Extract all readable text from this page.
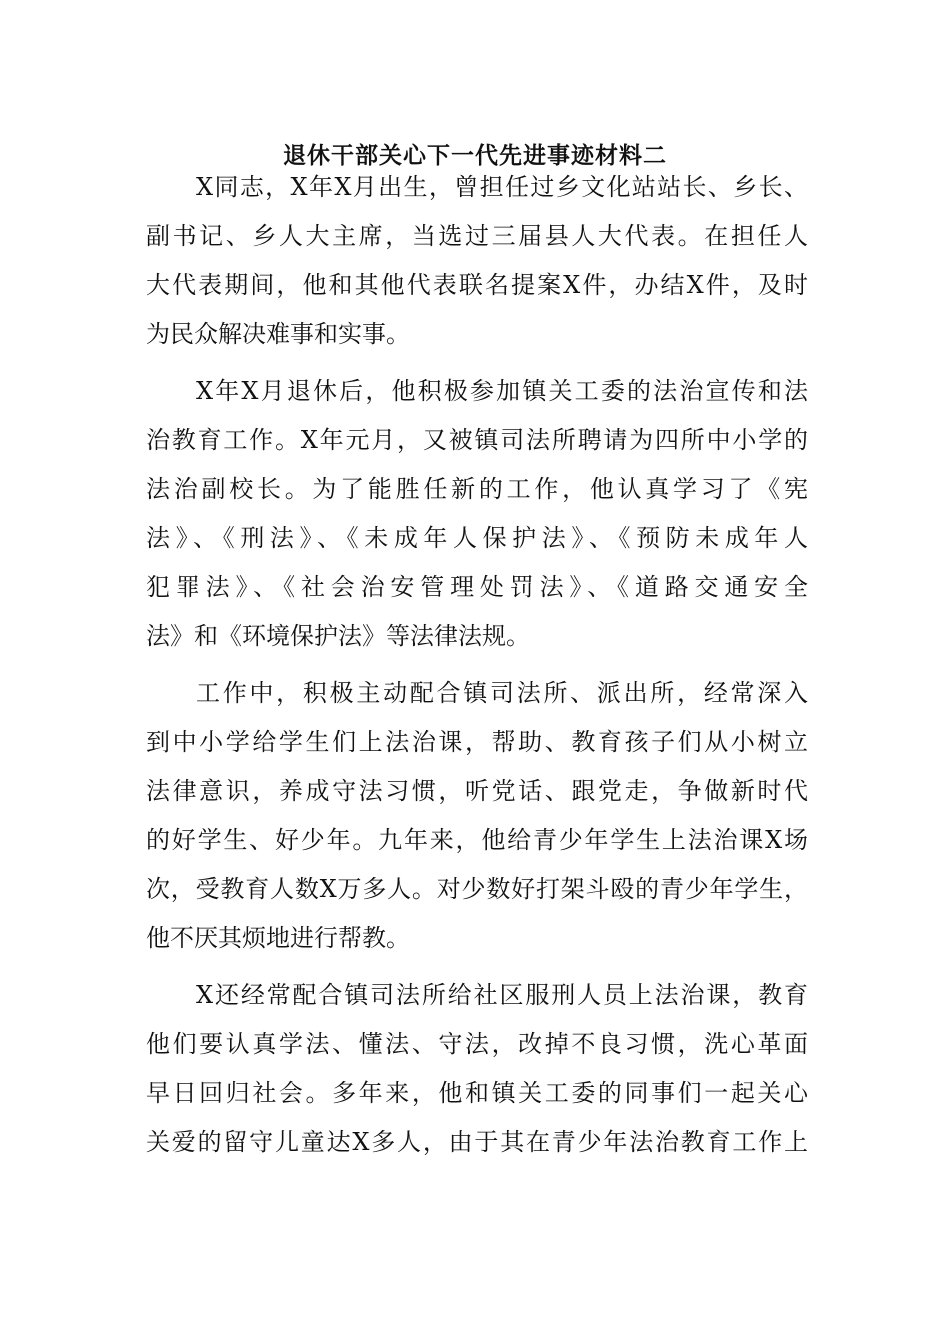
退休干部关心下一代先进事迹材料二
X同志，X年X月出生，曾担任过乡文化站站长、乡长、
副书记、乡人大主席，当选过三届县人大代表。在担任人
大代表期间，他和其他代表联名提案X件，办结X件，及时
为民众解决难事和实事。
X年X月退休后，他积极参加镇关工委的法治宣传和法
治教育工作。X年元月，又被镇司法所聘请为四所中小学的
法治副校长。为了能胜任新的工作，他认真学习了《宪
法》、《刑法》、《未成年人保护法》、《预防未成年人
犯罪法》、《社会治安管理处罚法》、《道路交通安全
法》和《环境保护法》等法律法规。
工作中，积极主动配合镇司法所、派出所，经常深入
到中小学给学生们上法治课，帮助、教育孩子们从小树立
法律意识，养成守法习惯，听党话、跟党走，争做新时代
的好学生、好少年。九年来，他给青少年学生上法治课X场
次，受教育人数X万多人。对少数好打架斗殴的青少年学生，
他不厌其烦地进行帮教。
X还经常配合镇司法所给社区服刑人员上法治课，教育
他们要认真学法、懂法、守法，改掉不良习惯，洗心革面
早日回归社会。多年来，他和镇关工委的同事们一起关心
关爱的留守儿童达X多人，由于其在青少年法治教育工作上
